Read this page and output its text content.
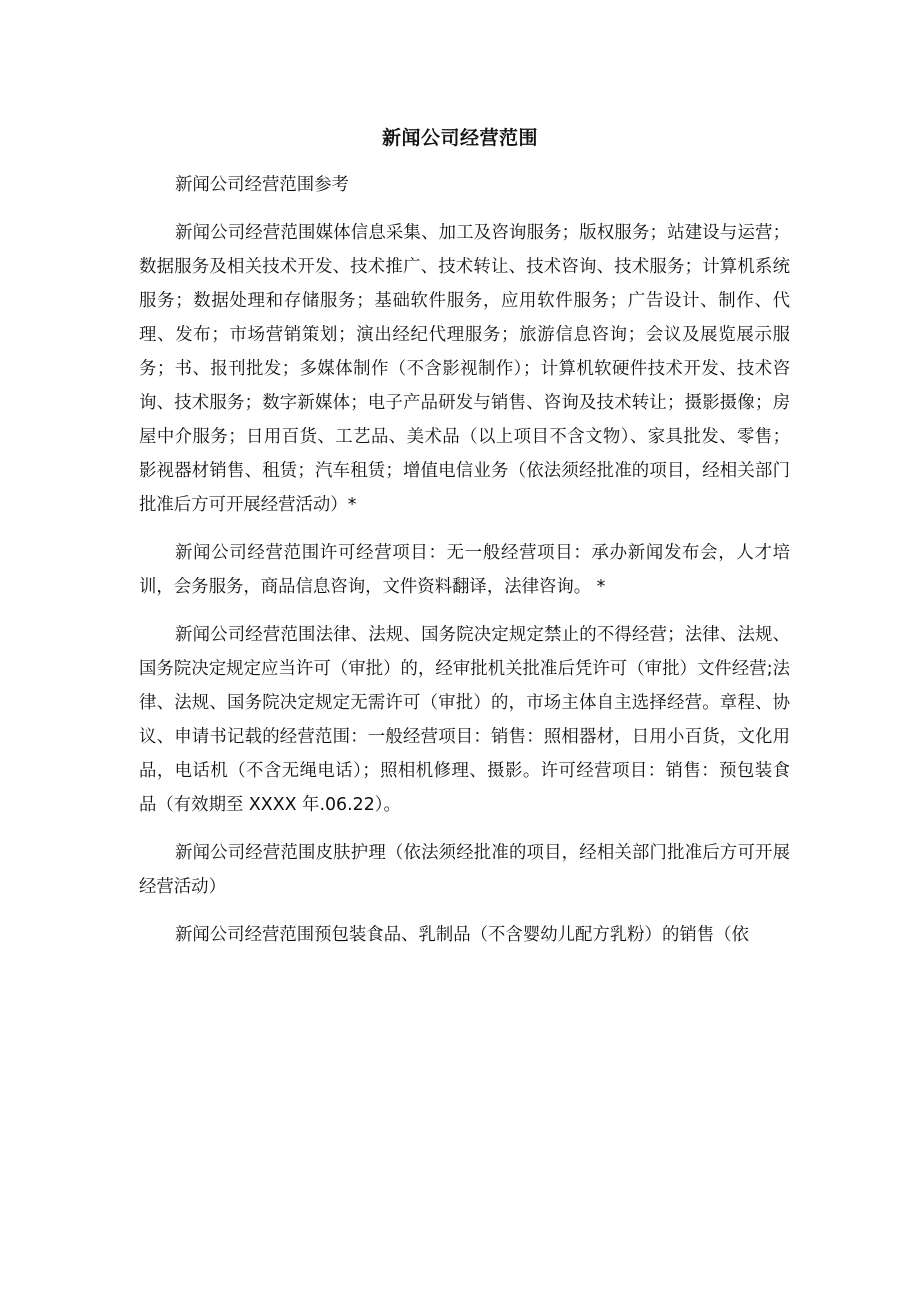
新闻公司经营范围

新闻公司经营范围参考

新闻公司经营范围媒体信息采集、加工及咨询服务；版权服务；站建设与运营；数据服务及相关技术开发、技术推广、技术转让、技术咨询、技术服务；计算机系统服务；数据处理和存储服务；基础软件服务，应用软件服务；广告设计、制作、代理、发布；市场营销策划；演出经纪代理服务；旅游信息咨询；会议及展览展示服务；书、报刊批发；多媒体制作（不含影视制作）；计算机软硬件技术开发、技术咨询、技术服务；数字新媒体；电子产品研发与销售、咨询及技术转让；摄影摄像；房屋中介服务；日用百货、工艺品、美术品（以上项目不含文物）、家具批发、零售；影视器材销售、租赁；汽车租赁；增值电信业务（依法须经批准的项目，经相关部门批准后方可开展经营活动）*

新闻公司经营范围许可经营项目：无一般经营项目：承办新闻发布会，人才培训，会务服务，商品信息咨询，文件资料翻译，法律咨询。 *

新闻公司经营范围法律、法规、国务院决定规定禁止的不得经营；法律、法规、国务院决定规定应当许可（审批）的，经审批机关批准后凭许可（审批）文件经营;法律、法规、国务院决定规定无需许可（审批）的，市场主体自主选择经营。章程、协议、申请书记载的经营范围：一般经营项目：销售：照相器材，日用小百货，文化用品，电话机（不含无绳电话）；照相机修理、摄影。许可经营项目：销售：预包装食品（有效期至 XXXX 年.06.22）。

新闻公司经营范围皮肤护理（依法须经批准的项目，经相关部门批准后方可开展经营活动）

新闻公司经营范围预包装食品、乳制品（不含婴幼儿配方乳粉）的销售（依
